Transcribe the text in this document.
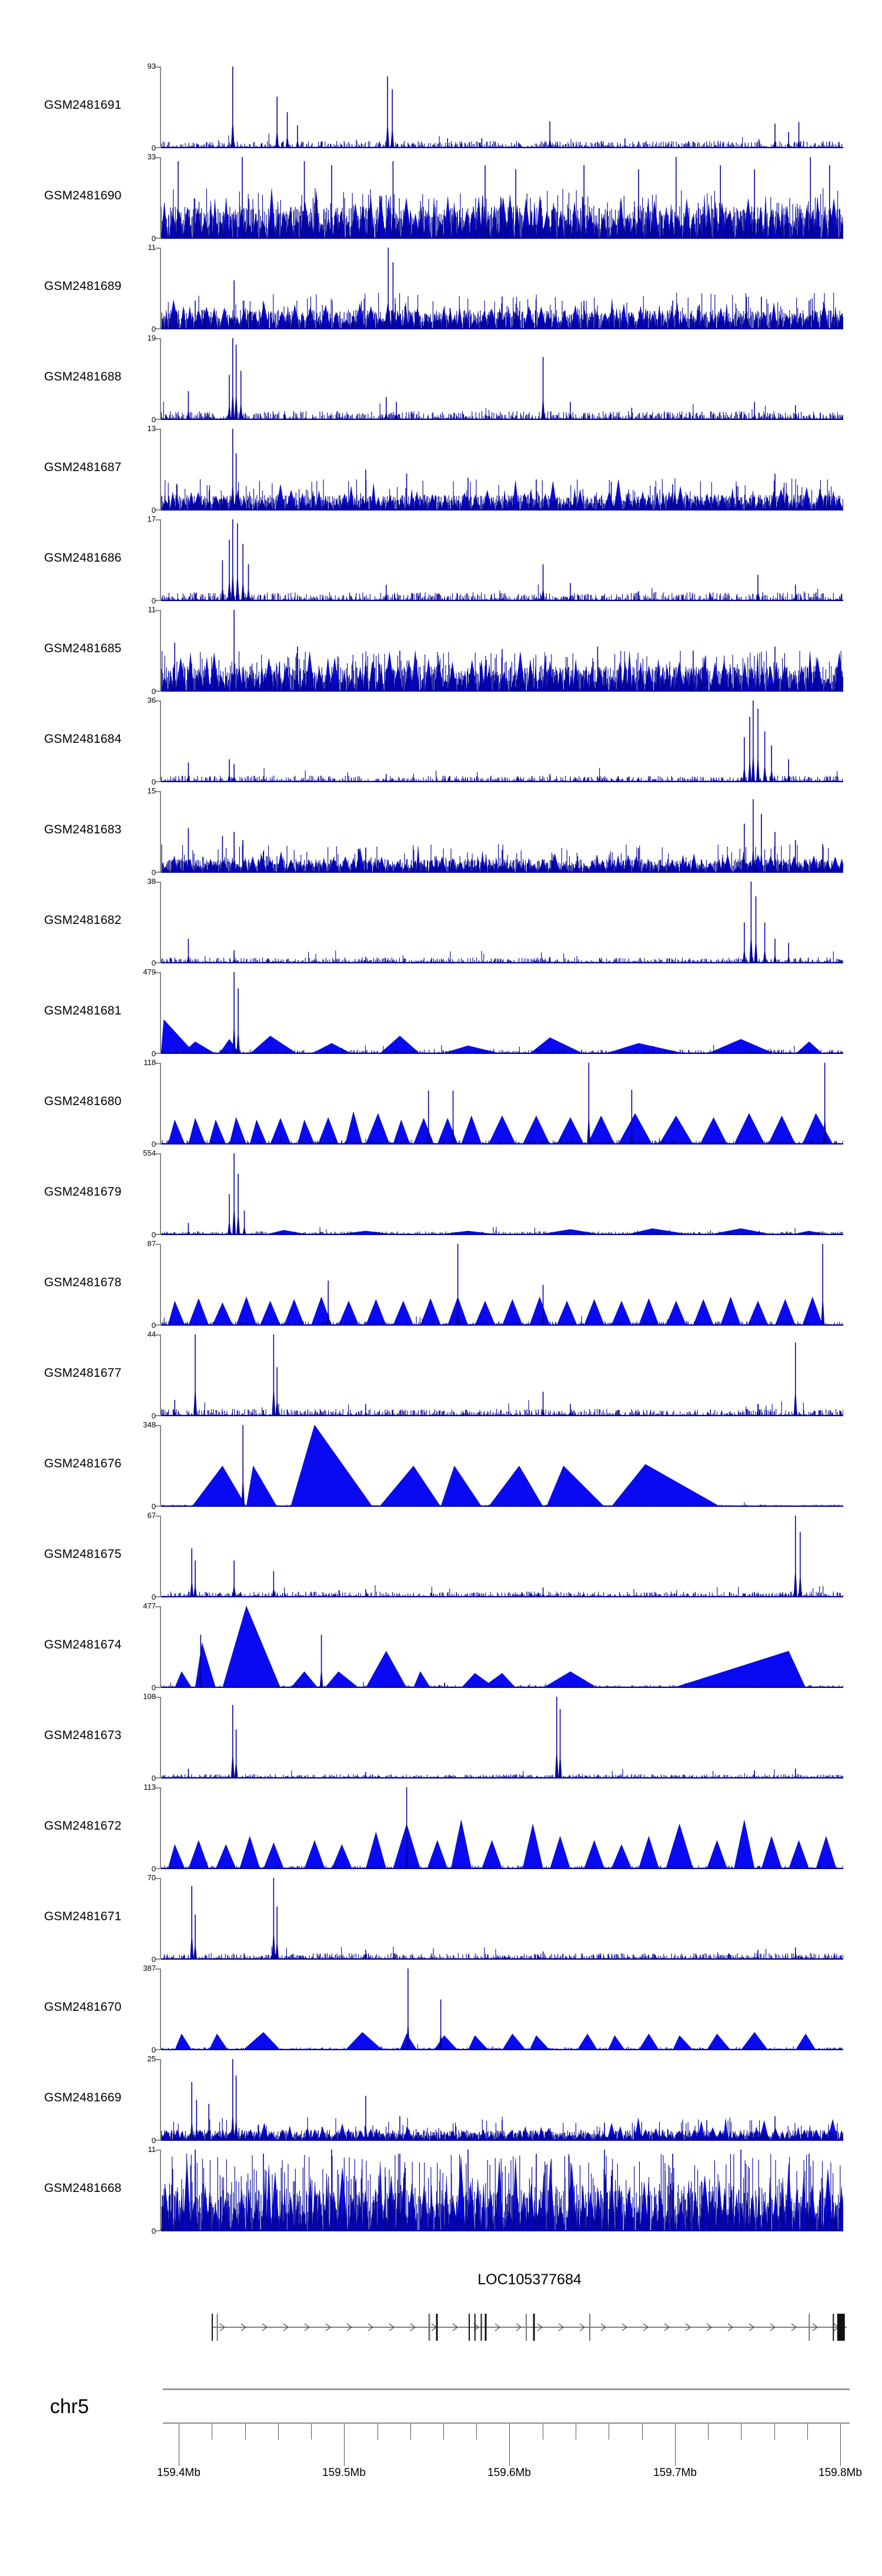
GSM2481691
93
0
GSM2481690
33
0
GSM2481689
11
0
GSM2481688
19
0
GSM2481687
13
0
GSM2481686
17
0
GSM2481685
11
0
GSM2481684
36
0
GSM2481683
15
0
GSM2481682
38
0
GSM2481681
479
0
GSM2481680
118
0
GSM2481679
554
0
GSM2481678
87
0
GSM2481677
44
0
GSM2481676
348
0
GSM2481675
67
0
GSM2481674
477
0
GSM2481673
108
0
GSM2481672
113
0
GSM2481671
70
0
GSM2481670
387
0
GSM2481669
25
0
GSM2481668
11
0
LOC105377684
chr5
159.4Mb	159.5Mb	159.6Mb	159.7Mb	159.8Mb
